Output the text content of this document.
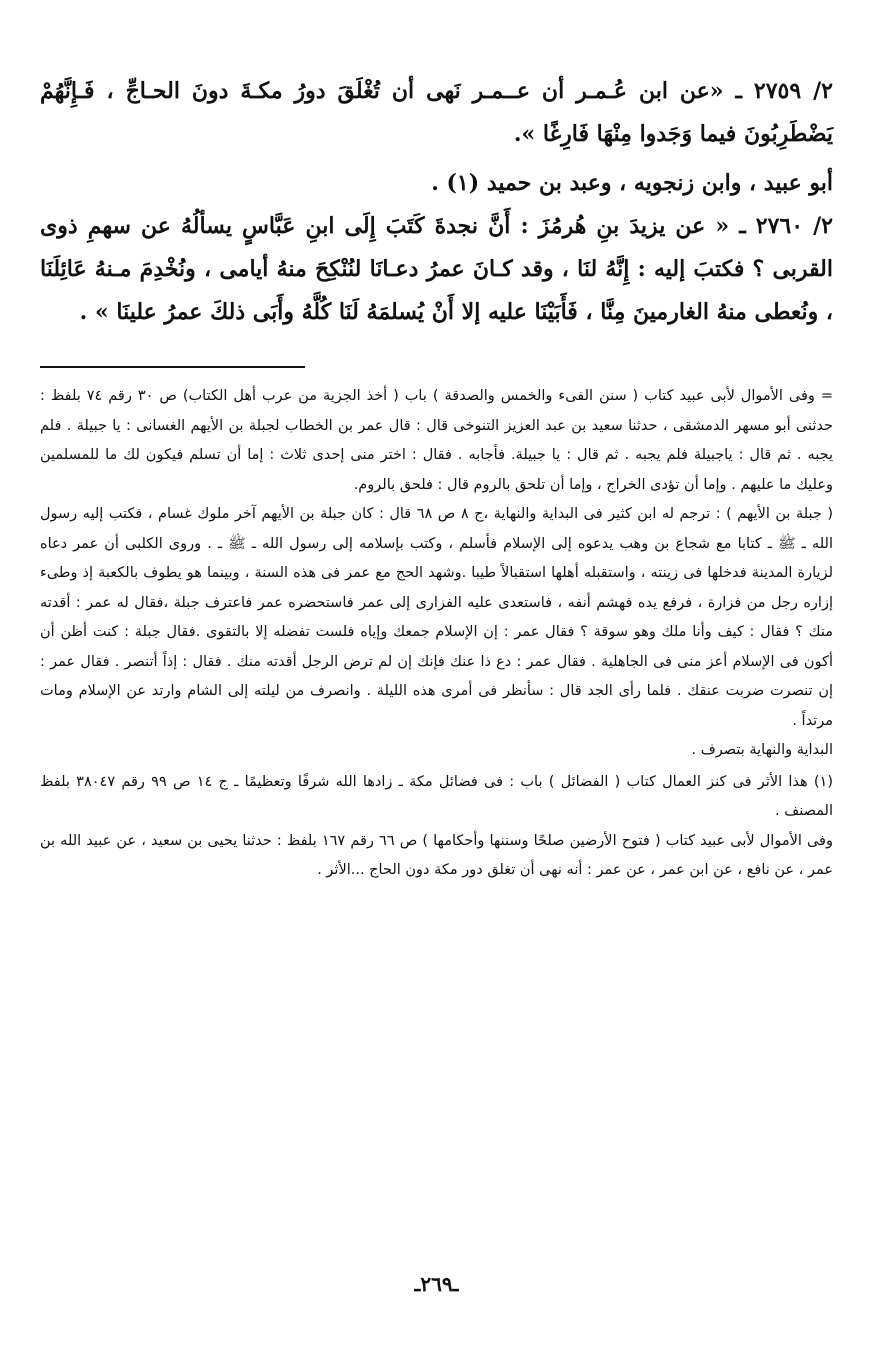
٢/ ٢٧٥٩ ـ «عن ابن عُـمـر أن عــمـر نَهى أن تُغْلَقَ دورُ مكـةَ دونَ الحـاجِّ ، فَـإِنَّهُمْ يَضْطَرِبُونَ فيما وَجَدوا مِنْهَا فَارِغًا ».

أبو عبيد ، وابن زنجويه ، وعبد بن حميد (١) .

٢/ ٢٧٦٠ ـ « عن يزيدَ بنِ هُرمُزَ : أَنَّ نجدةَ كَتَبَ إِلَى ابنِ عَبَّاسٍ يسألُهُ عن سهمِ ذوى القربى ؟ فكتبَ إليه : إِنَّهُ لنَا ، وقد كـانَ عمرُ دعـانَا لنُنْكِحَ منهُ أيامى ، ونُخْدِمَ مـنهُ عَائِلَنَا ، ونُعطى منهُ الغارمينَ مِنَّا ، فَأَبَيْنَا عليه إلا أَنْ يُسلمَهُ لَنَا كُلَّهُ وأَبَى ذلكَ عمرُ علينَا » .

= وفى الأموال لأبى عبيد كتاب ( سنن الفىء والخمس والصدقة ) باب ( أخذ الجزية من عرب أهل الكتاب) ص ٣٠ رقم ٧٤ بلفظ : حدثنى أبو مسهر الدمشقى ، حدثنا سعيد بن عبد العزيز التنوخى قال : قال عمر بن الخطاب لجبلة بن الأيهم الغسانى : يا جبيلة . فلم يجبه . ثم قال : ياجبيلة فلم يجبه . ثم قال : يا جبيلة. فأجابه . فقال : اختر منى إحدى ثلاث : إما أن تسلم فيكون لك ما للمسلمين وعليك ما عليهم . وإما أن تؤدى الخراج ، وإما أن تلحق بالروم قال : فلحق بالروم.

( جبلة بن الأيهم ) : ترجم له ابن كثير فى البداية والنهاية ،ج ٨ ص ٦٨ قال : كان جبلة بن الأيهم آخر ملوك غسام ، فكتب إليه رسول الله ـ ﷺ ـ كتابا مع شجاع بن وهب يدعوه إلى الإسلام فأسلم ، وكتب بإسلامه إلى رسول الله ـ ﷺ ـ . وروى الكلبى أن عمر دعاه لزيارة المدينة فدخلها فى زينته ، واستقبله أهلها استقبالاً طيبا .وشهد الحج مع عمر فى هذه السنة ، وبينما هو يطوف بالكعبة إذ وطىء إزاره رجل من فزارة ، فرفع يده فهشم أنفه ، فاستعدى عليه الفزارى إلى عمر فاستحضره عمر فاعترف جبلة ،فقال له عمر : أقدته منك ؟ فقال : كيف وأنا ملك وهو سوقة ؟ فقال عمر : إن الإسلام جمعك وإياه فلست تفضله إلا بالتقوى .فقال جبلة : كنت أظن أن أكون فى الإسلام أعز منى فى الجاهلية . فقال عمر : دع ذا عنك فإنك إن لم ترض الرجل أقدته منك . فقال : إذاً أتنصر . فقال عمر : إن تنصرت ضربت عنقك . فلما رأى الجد قال : سأنظر فى أمرى هذه الليلة . وانصرف من ليلته إلى الشام وارتد عن الإسلام ومات مرتداً .

البداية والنهاية بتصرف .

(١) هذا الأثر فى كنز العمال كتاب ( الفضائل ) باب : فى فضائل مكة ـ زادها الله شرفًا وتعظيمًا ـ ج ١٤ ص ٩٩ رقم ٣٨٠٤٧ بلفظ المصنف .

وفى الأموال لأبى عبيد كتاب ( فتوح الأرضين صلحًا وسننها وأحكامها ) ص ٦٦ رقم ١٦٧ بلفظ : حدثنا يحيى بن سعيد ، عن عبيد الله بن عمر ، عن نافع ، عن ابن عمر ، عن عمر : أنه نهى أن تغلق دور مكة دون الحاج ...الأثر .

ـ٢٦٩ـ
